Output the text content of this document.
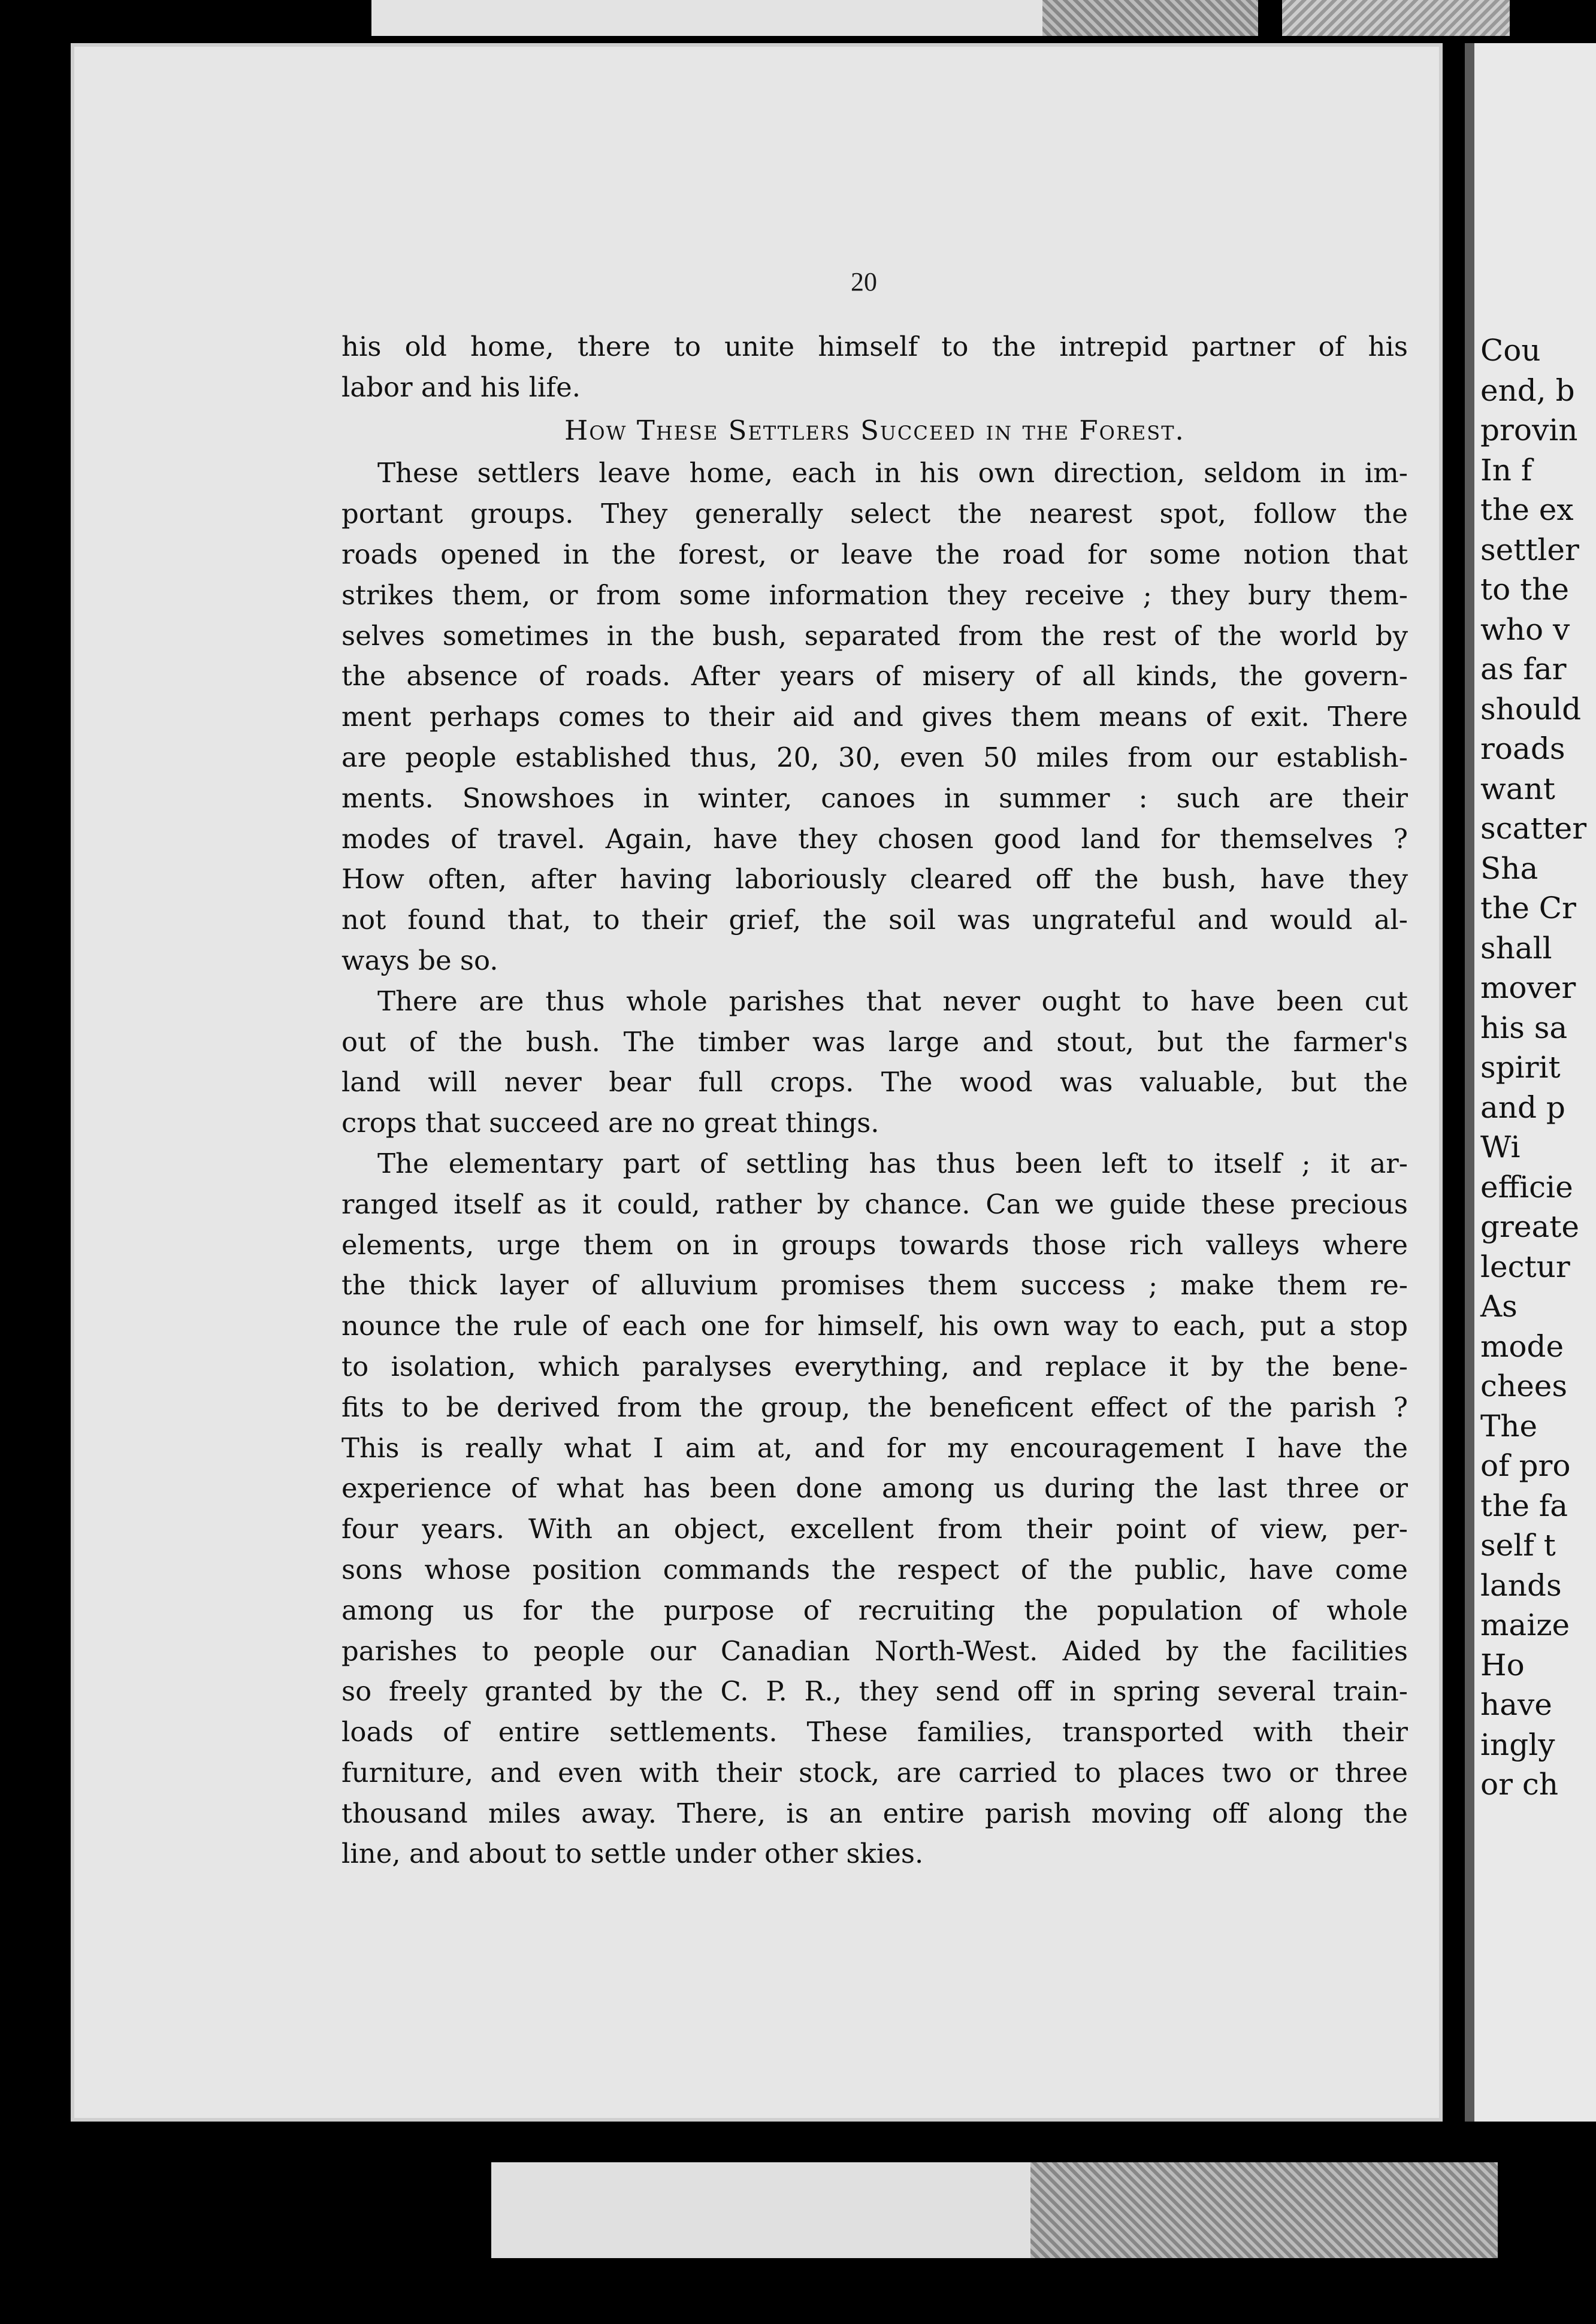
Cou
end, b
provin
In f
the ex
settler
to the
who v
as far
should
roads
want
scatter
Sha
the Cr
shall
mover
his sa
spirit
and p
Wi
efficie
greate
lectur
As
mode
chees
The
of pro
the fa
self t
lands
maize
Ho
have
ingly
or ch
20
his old home, there to unite himself to the intrepid partner of his
labor and his life.
How These Settlers Succeed in the Forest.
These settlers leave home, each in his own direction, seldom in im-
portant groups. They generally select the nearest spot, follow the
roads opened in the forest, or leave the road for some notion that
strikes them, or from some information they receive ; they bury them-
selves sometimes in the bush, separated from the rest of the world by
the absence of roads. After years of misery of all kinds, the govern-
ment perhaps comes to their aid and gives them means of exit. There
are people established thus, 20, 30, even 50 miles from our establish-
ments. Snowshoes in winter, canoes in summer : such are their
modes of travel. Again, have they chosen good land for themselves ?
How often, after having laboriously cleared off the bush, have they
not found that, to their grief, the soil was ungrateful and would al-
ways be so.
There are thus whole parishes that never ought to have been cut
out of the bush. The timber was large and stout, but the farmer's
land will never bear full crops. The wood was valuable, but the
crops that succeed are no great things.
The elementary part of settling has thus been left to itself ; it ar-
ranged itself as it could, rather by chance. Can we guide these precious
elements, urge them on in groups towards those rich valleys where
the thick layer of alluvium promises them success ; make them re-
nounce the rule of each one for himself, his own way to each, put a stop
to isolation, which paralyses everything, and replace it by the bene-
fits to be derived from the group, the beneficent effect of the parish ?
This is really what I aim at, and for my encouragement I have the
experience of what has been done among us during the last three or
four years. With an object, excellent from their point of view, per-
sons whose position commands the respect of the public, have come
among us for the purpose of recruiting the population of whole
parishes to people our Canadian North-West. Aided by the facilities
so freely granted by the C. P. R., they send off in spring several train-
loads of entire settlements. These families, transported with their
furniture, and even with their stock, are carried to places two or three
thousand miles away. There, is an entire parish moving off along the
line, and about to settle under other skies.
